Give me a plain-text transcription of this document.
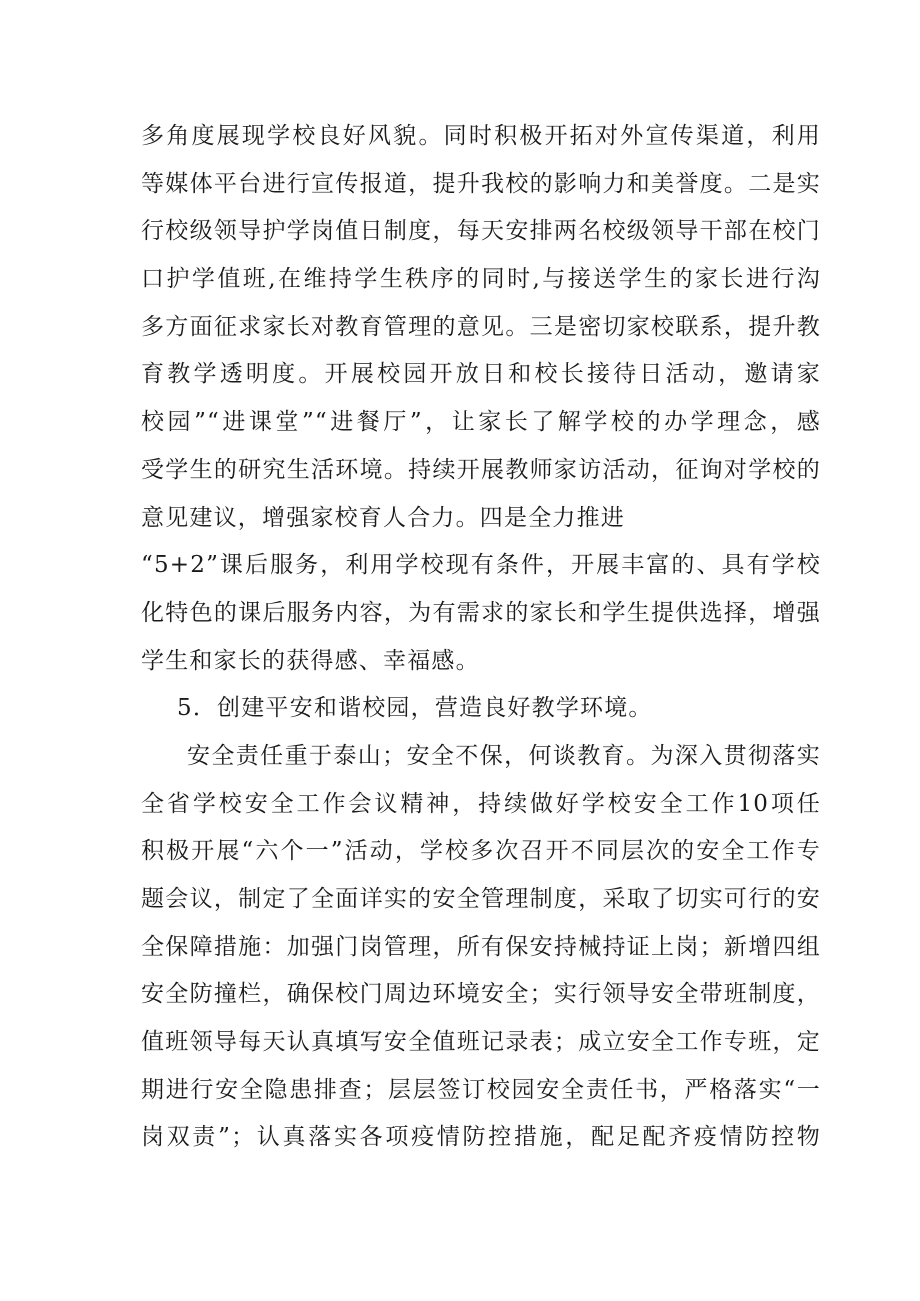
多角度展现学校良好风貌。同时积极开拓对外宣传渠道，利用
等媒体平台进行宣传报道，提升我校的影响力和美誉度。二是实
行校级领导护学岗值日制度，每天安排两名校级领导干部在校门
口护学值班,在维持学生秩序的同时,与接送学生的家长进行沟
多方面征求家长对教育管理的意见。三是密切家校联系，提升教
育教学透明度。开展校园开放日和校长接待日活动，邀请家
校园”“进课堂”“进餐厅”，让家长了解学校的办学理念，感
受学生的研究生活环境。持续开展教师家访活动，征询对学校的
意见建议，增强家校育人合力。四是全力推进
“5+2”课后服务，利用学校现有条件，开展丰富的、具有学校
化特色的课后服务内容，为有需求的家长和学生提供选择，增强
学生和家长的获得感、幸福感。

5．创建平安和谐校园，营造良好教学环境。

安全责任重于泰山；安全不保，何谈教育。为深入贯彻落实
全省学校安全工作会议精神，持续做好学校安全工作10项任
积极开展“六个一”活动，学校多次召开不同层次的安全工作专
题会议，制定了全面详实的安全管理制度，采取了切实可行的安
全保障措施：加强门岗管理，所有保安持械持证上岗；新增四组
安全防撞栏，确保校门周边环境安全；实行领导安全带班制度，
值班领导每天认真填写安全值班记录表；成立安全工作专班，定
期进行安全隐患排查；层层签订校园安全责任书，严格落实“一
岗双责”；认真落实各项疫情防控措施，配足配齐疫情防控物
